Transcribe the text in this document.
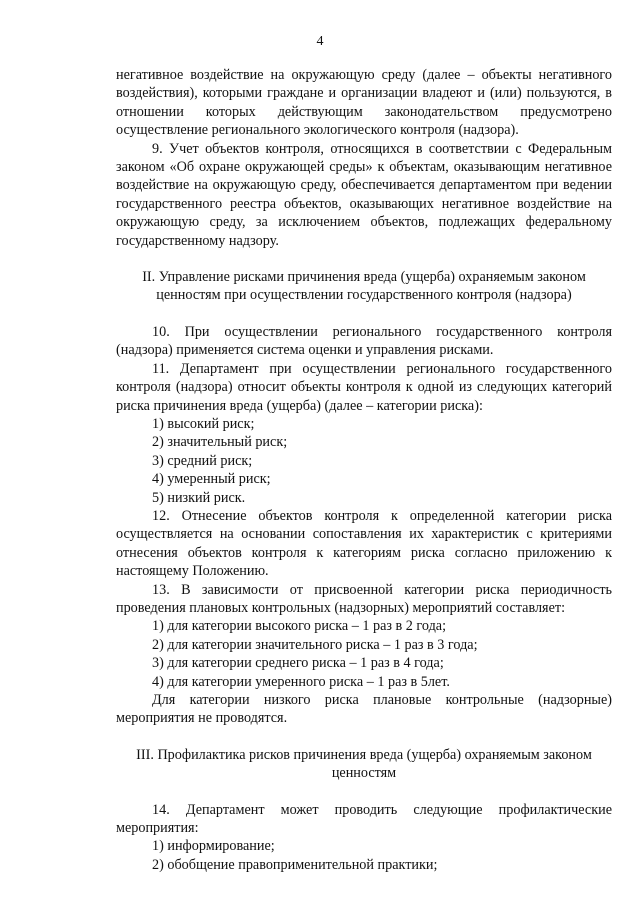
4
негативное воздействие на окружающую среду (далее – объекты негативного воздействия), которыми граждане и организации владеют и (или) пользуются, в отношении которых действующим законодательством предусмотрено осуществление регионального экологического контроля (надзора).
9. Учет объектов контроля, относящихся в соответствии с Федеральным законом «Об охране окружающей среды» к объектам, оказывающим негативное воздействие на окружающую среду, обеспечивается департаментом при ведении государственного реестра объектов, оказывающих негативное воздействие на окружающую среду, за исключением объектов, подлежащих федеральному государственному надзору.
II. Управление рисками причинения вреда (ущерба) охраняемым законом ценностям при осуществлении государственного контроля (надзора)
10. При осуществлении регионального государственного контроля (надзора) применяется система оценки и управления рисками.
11. Департамент при осуществлении регионального государственного контроля (надзора) относит объекты контроля к одной из следующих категорий риска причинения вреда (ущерба) (далее – категории риска):
1) высокий риск;
2) значительный риск;
3) средний риск;
4) умеренный риск;
5) низкий риск.
12. Отнесение объектов контроля к определенной категории риска осуществляется на основании сопоставления их характеристик с критериями отнесения объектов контроля к категориям риска согласно приложению к настоящему Положению.
13. В зависимости от присвоенной категории риска периодичность проведения плановых контрольных (надзорных) мероприятий составляет:
1) для категории высокого риска – 1 раз в 2 года;
2) для категории значительного риска – 1 раз в 3 года;
3) для категории среднего риска – 1 раз в 4 года;
4) для категории умеренного риска – 1 раз в 5лет.
Для категории низкого риска плановые контрольные (надзорные) мероприятия не проводятся.
III. Профилактика рисков причинения вреда (ущерба) охраняемым законом ценностям
14. Департамент может проводить следующие профилактические мероприятия:
1) информирование;
2) обобщение правоприменительной практики;
